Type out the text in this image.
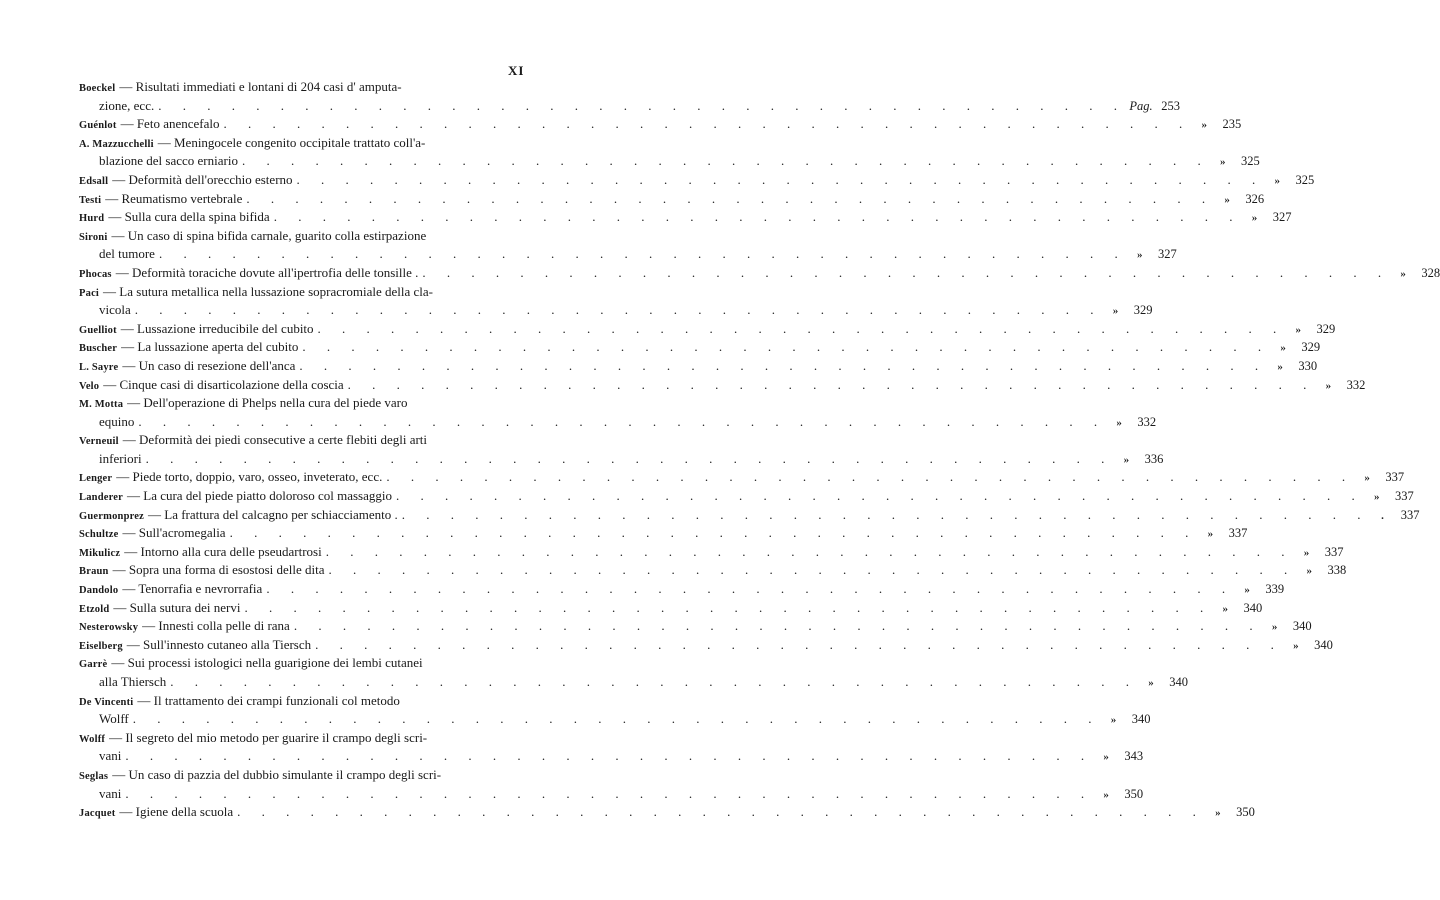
XI
Boeckel — Risultati immediati e lontani di 204 casi d' amputa-
zione, ecc. . . .	Pag. 253
Guénlot — Feto anencefalo . . .	»	235
A. Mazzucchelli — Meningocele congenito occipitale trattato coll'a-
blazione del sacco erniario . . .	»	325
Edsall — Deformità dell'orecchio esterno . . .	»	325
Testi — Reumatismo vertebrale . . .	»	326
Hurd — Sulla cura della spina bifida . . .	»	327
Sironi — Un caso di spina bifida carnale, guarito colla estirpazione
del tumore . . .	»	327
Phocas — Deformità toraciche dovute all'ipertrofia delle tonsille . . . .	»	328
Paci — La sutura metallica nella lussazione sopracromiale della cla-
vicola . . .	»	329
Guelliot — Lussazione irreducibile del cubito . . .	»	329
Buscher — La lussazione aperta del cubito . . .	»	329
L. Sayre — Un caso di resezione dell'anca . . .	»	330
Velo — Cinque casi di disarticolazione della coscia . . .	»	332
M. Motta — Dell'operazione di Phelps nella cura del piede varo
equino . . .	»	332
Verneuil — Deformità dei piedi consecutive a certe flebiti degli arti
inferiori . . .	»	336
Lenger — Piede torto, doppio, varo, osseo, inveterato, ecc. . . .	»	337
Landerer — La cura del piede piatto doloroso col massaggio . . .	»	337
Guermonprez — La frattura del calcagno per schiacciamento . . . .	.	337
Schultze — Sull'acromegalia . . .	»	337
Mikulicz — Intorno alla cura delle pseudartrosi . . .	»	337
Braun — Sopra una forma di esostosi delle dita . . .	»	338
Dandolo — Tenorrafia e nevrorrafia . . .	»	339
Etzold — Sulla sutura dei nervi . . .	»	340
Nesterowsky — Innesti colla pelle di rana . . .	»	340
Eiselberg — Sull'innesto cutaneo alla Tiersch . . .	»	340
Garrè — Sui processi istologici nella guarigione dei lembi cutanei
alla Thiersch . . .	»	340
De Vincenti — Il trattamento dei crampi funzionali col metodo
Wolff . . .	»	340
Wolff — Il segreto del mio metodo per guarire il crampo degli scri-
vani . . .	»	343
Seglas — Un caso di pazzia del dubbio simulante il crampo degli scri-
vani . . .	»	350
Jacquet — Igiene della scuola . . .	»	350
